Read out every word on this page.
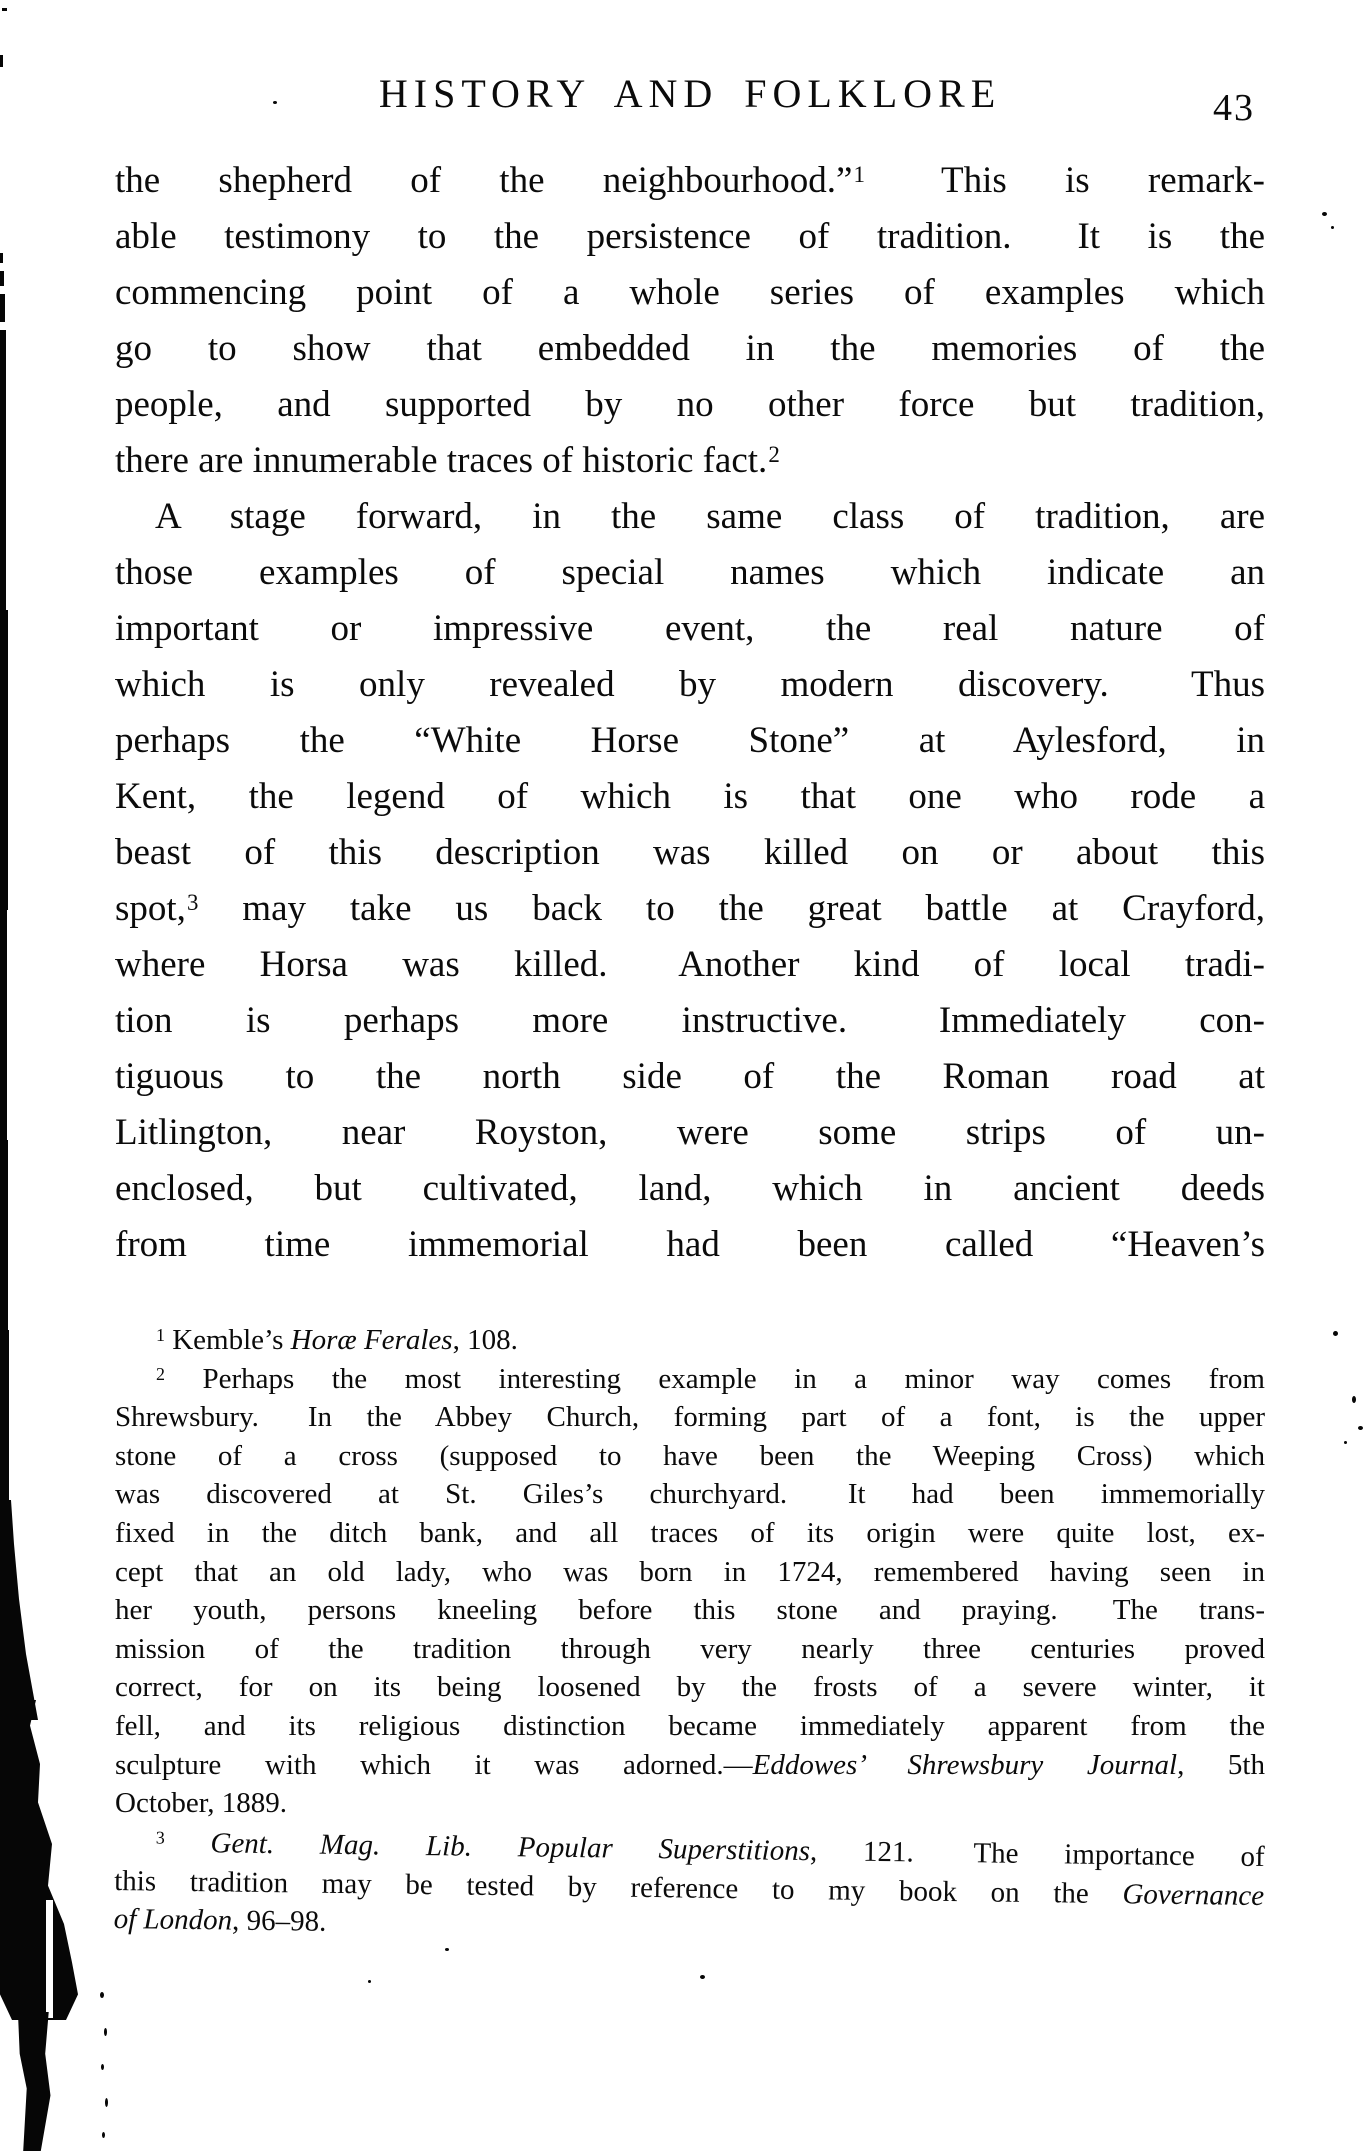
HISTORY AND FOLKLORE	43
the shepherd of the neighbourhood.”$^1$  This is remark-
able testimony to the persistence of tradition.  It is the
commencing point of a whole series of examples which
go to show that embedded in the memories of the
people, and supported by no other force but tradition,
there are innumerable traces of historic fact.$^2$
A stage forward, in the same class of tradition, are
those examples of special names which indicate an
important or impressive event, the real nature of
which is only revealed by modern discovery.  Thus
perhaps the “White Horse Stone” at Aylesford, in
Kent, the legend of which is that one who rode a
beast of this description was killed on or about this
spot,$^3$ may take us back to the great battle at Crayford,
where Horsa was killed.  Another kind of local tradi-
tion is perhaps more instructive.  Immediately con-
tiguous to the north side of the Roman road at
Litlington, near Royston, were some strips of un-
enclosed, but cultivated, land, which in ancient deeds
from time immemorial had been called “Heaven’s
$^1$ Kemble’s Horæ Ferales, 108.
$^2$ Perhaps the most interesting example in a minor way comes from
Shrewsbury.  In the Abbey Church, forming part of a font, is the upper
stone of a cross (supposed to have been the Weeping Cross) which
was discovered at St. Giles’s churchyard.  It had been immemorially
fixed in the ditch bank, and all traces of its origin were quite lost, ex-
cept that an old lady, who was born in 1724, remembered having seen in
her youth, persons kneeling before this stone and praying.  The trans-
mission of the tradition through very nearly three centuries proved
correct, for on its being loosened by the frosts of a severe winter, it
fell, and its religious distinction became immediately apparent from the
sculpture with which it was adorned.—Eddowes’ Shrewsbury Journal, 5th
October, 1889.
$^3$ Gent. Mag. Lib. Popular Superstitions, 121.  The importance of
this tradition may be tested by reference to my book on the Governance
of London, 96–98.
